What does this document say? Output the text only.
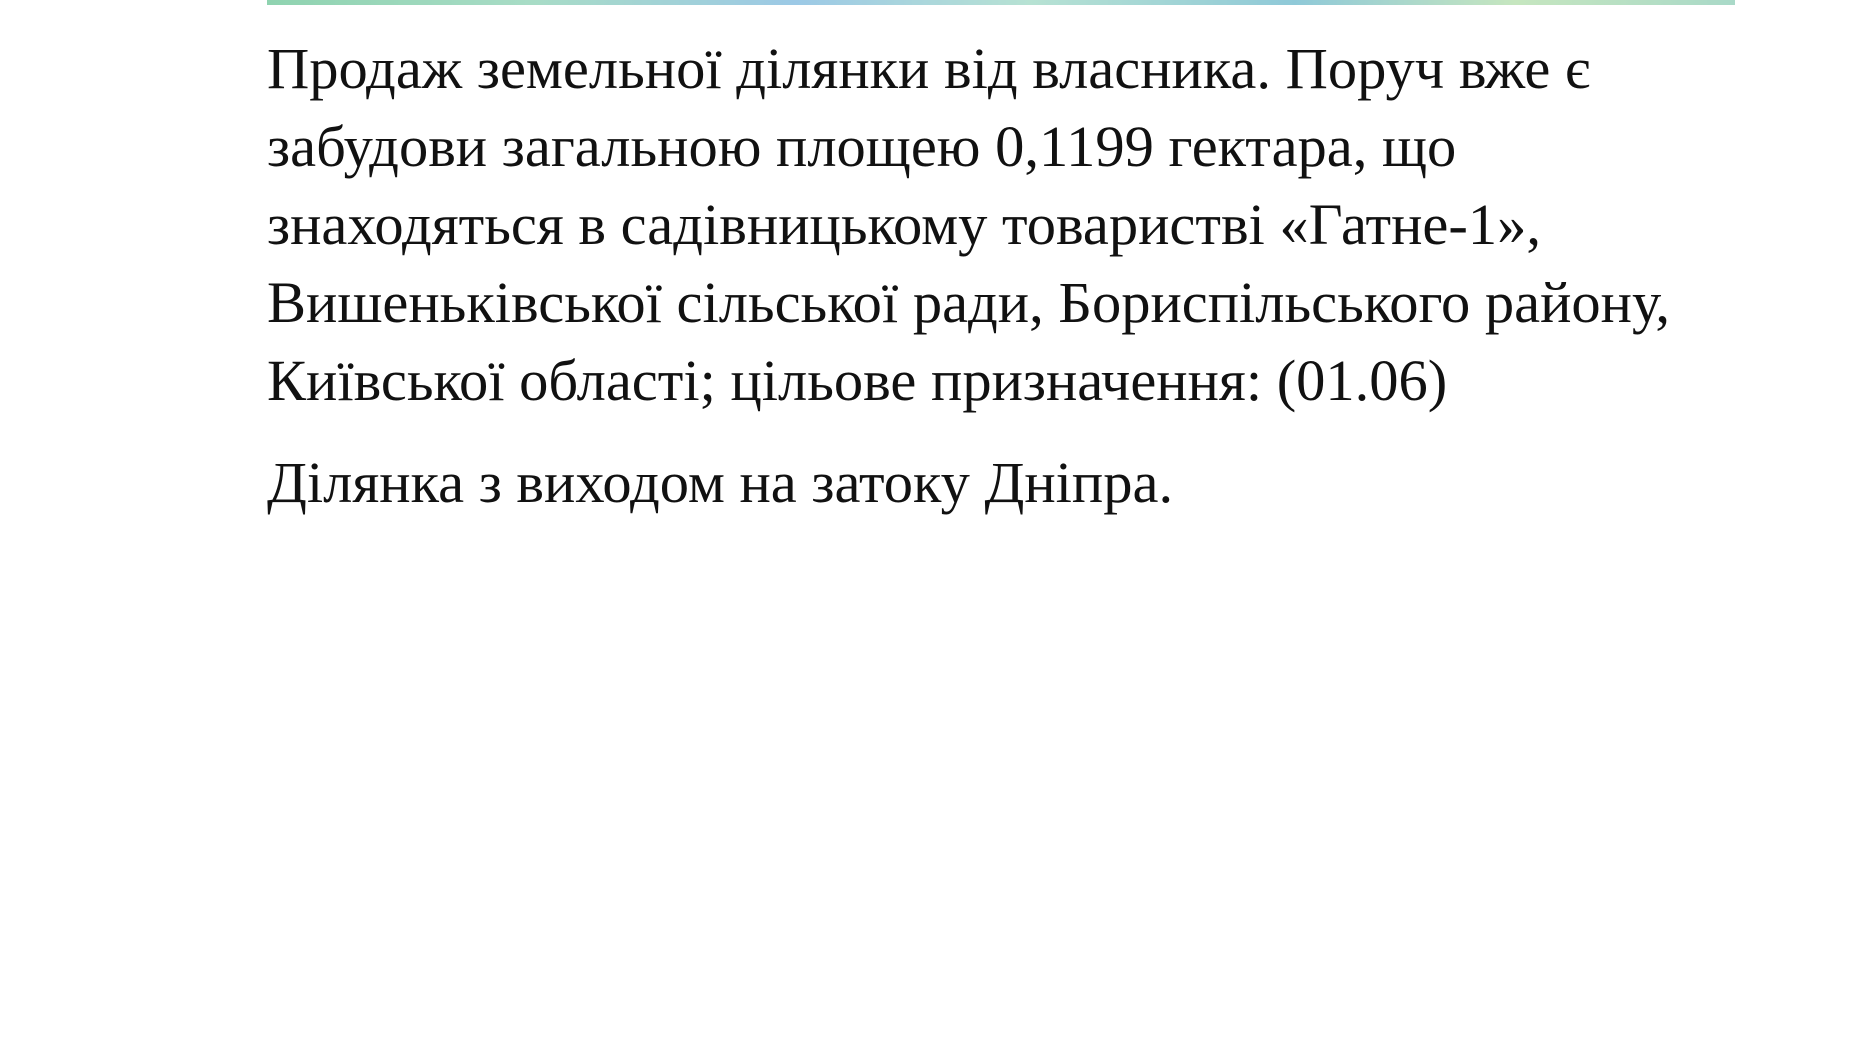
Продаж земельної ділянки від власника. Поруч вже є забудови загальною площею 0,1199 гектара, що знаходяться в садівницькому товаристві «Гатне-1», Вишеньківської сільської ради, Бориспільського району, Київської області; цільове призначення: (01.06)

Ділянка з виходом на затоку Дніпра.
